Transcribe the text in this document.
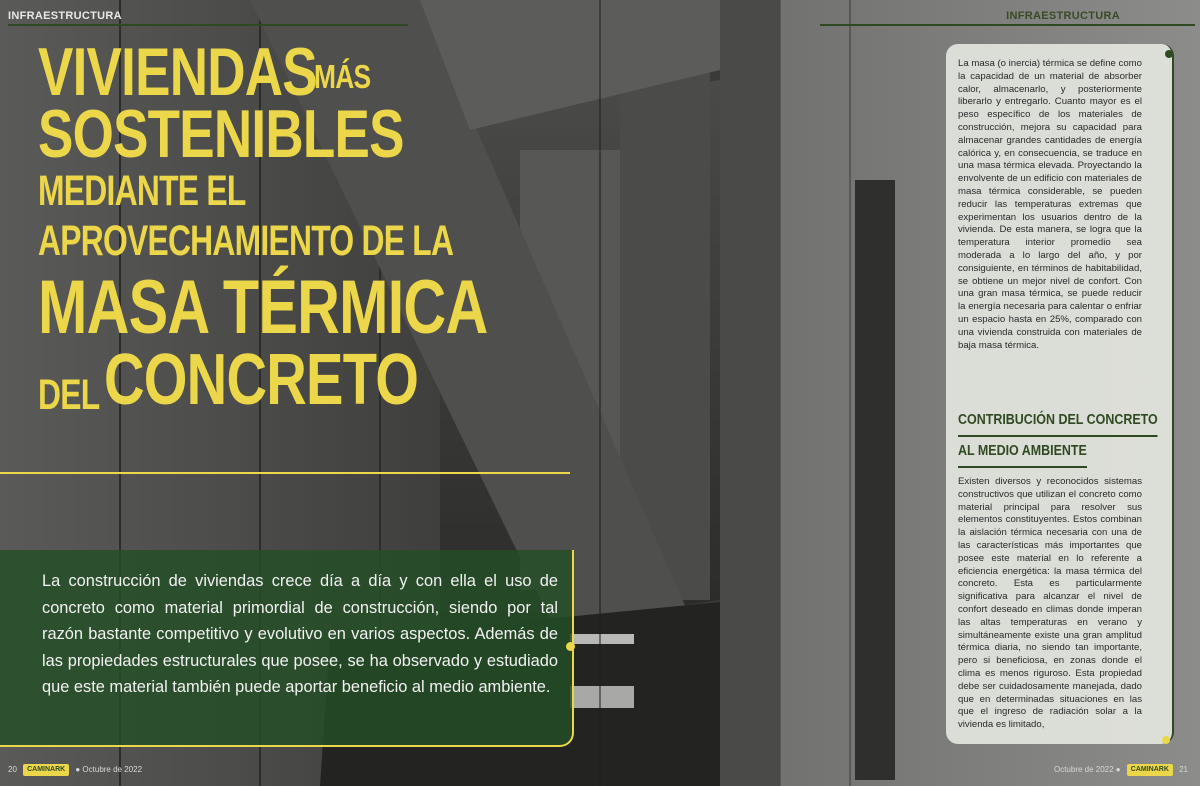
INFRAESTRUCTURA	INFRAESTRUCTURA
VIVIENDAS
MÁS
SOSTENIBLES
MEDIANTE EL
APROVECHAMIENTO DE LA
MASA TÉRMICA
DEL CONCRETO
La construcción de viviendas crece día a día y con ella el uso de concreto como material primordial de construcción, siendo por tal razón bastante competitivo y evolutivo en varios aspectos. Además de las propiedades estructurales que posee, se ha observado y estudiado que este material también puede aportar beneficio al medio ambiente.
La masa (o inercia) térmica se define como la capacidad de un material de absorber calor, almacenarlo, y posteriormente liberarlo y entregarlo. Cuanto mayor es el peso específico de los materiales de construcción, mejora su capacidad para almacenar grandes cantidades de energía calórica y, en consecuencia, se traduce en una masa térmica elevada. Proyectando la envolvente de un edificio con materiales de masa térmica considerable, se pueden reducir las temperaturas extremas que experimentan los usuarios dentro de la vivienda. De esta manera, se logra que la temperatura interior promedio sea moderada a lo largo del año, y por consiguiente, en términos de habitabilidad, se obtiene un mejor nivel de confort. Con una gran masa térmica, se puede reducir la energía necesaria para calentar o enfriar un espacio hasta en 25%, comparado con una vivienda construida con materiales de baja masa térmica.
CONTRIBUCIÓN DEL CONCRETO
AL MEDIO AMBIENTE
Existen diversos y reconocidos sistemas constructivos que utilizan el concreto como material principal para resolver sus elementos constituyentes. Estos combinan la aislación térmica necesaria con una de las características más importantes que posee este material en lo referente a eficiencia energética: la masa térmica del concreto. Esta es particularmente significativa para alcanzar el nivel de confort deseado en climas donde imperan las altas temperaturas en verano y simultáneamente existe una gran amplitud térmica diaria, no siendo tan importante, pero si beneficiosa, en zonas donde el clima es menos riguroso. Esta propiedad debe ser cuidadosamente manejada, dado que en determinadas situaciones en las que el ingreso de radiación solar a la vivienda es limitado,
20 CAMINARK ● Octubre de 2022	Octubre de 2022 ● CAMINARK 21
